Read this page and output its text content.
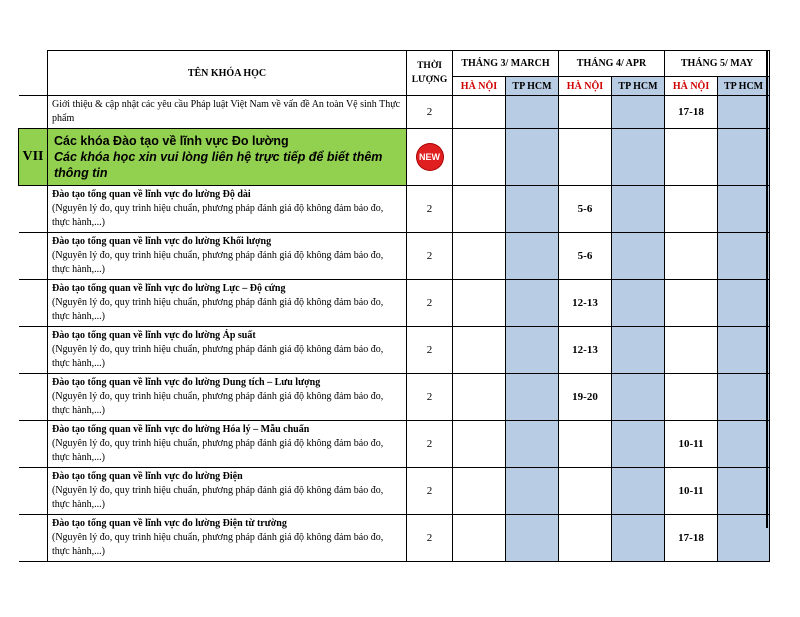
	TÊN KHÓA HỌC	THỜI
LƯỢNG	THÁNG 3/ MARCH		THÁNG 4/ APR		THÁNG 5/ MAY	
			HÀ NỘI	TP HCM	HÀ NỘI	TP HCM	HÀ NỘI	TP HCM

	Giới thiệu & cập nhật các yêu cầu Pháp luật Việt Nam về vấn đề An toàn Vệ sinh Thực phẩm	2					17-18	
VII	Các khóa Đào tạo về lĩnh vực Đo lường
Các khóa học xin vui lòng liên hệ trực tiếp để biết thêm thông tin	NEW						

	Đào tạo tổng quan về lĩnh vực đo lường Độ dài
(Nguyên lý đo, quy trình hiệu chuẩn, phương pháp đánh giá độ không đảm bảo đo, thực hành,...)	2			5-6			

	Đào tạo tổng quan về lĩnh vực đo lường Khối lượng
(Nguyên lý đo, quy trình hiệu chuẩn, phương pháp đánh giá độ không đảm bảo đo, thực hành,...)	2			5-6			

	Đào tạo tổng quan về lĩnh vực đo lường Lực – Độ cứng
(Nguyên lý đo, quy trình hiệu chuẩn, phương pháp đánh giá độ không đảm bảo đo, thực hành,...)	2			12-13			

	Đào tạo tổng quan về lĩnh vực đo lường Áp suất
(Nguyên lý đo, quy trình hiệu chuẩn, phương pháp đánh giá độ không đảm bảo đo, thực hành,...)	2			12-13			

	Đào tạo tổng quan về lĩnh vực đo lường Dung tích – Lưu lượng
(Nguyên lý đo, quy trình hiệu chuẩn, phương pháp đánh giá độ không đảm bảo đo, thực hành,...)	2			19-20			

	Đào tạo tổng quan về lĩnh vực đo lường Hóa lý – Mẫu chuẩn
(Nguyên lý đo, quy trình hiệu chuẩn, phương pháp đánh giá độ không đảm bảo đo, thực hành,...)	2					10-11	

	Đào tạo tổng quan về lĩnh vực đo lường Điện
(Nguyên lý đo, quy trình hiệu chuẩn, phương pháp đánh giá độ không đảm bảo đo, thực hành,...)	2					10-11	

	Đào tạo tổng quan về lĩnh vực đo lường Điện từ trường
(Nguyên lý đo, quy trình hiệu chuẩn, phương pháp đánh giá độ không đảm bảo đo, thực hành,...)	2					17-18	
